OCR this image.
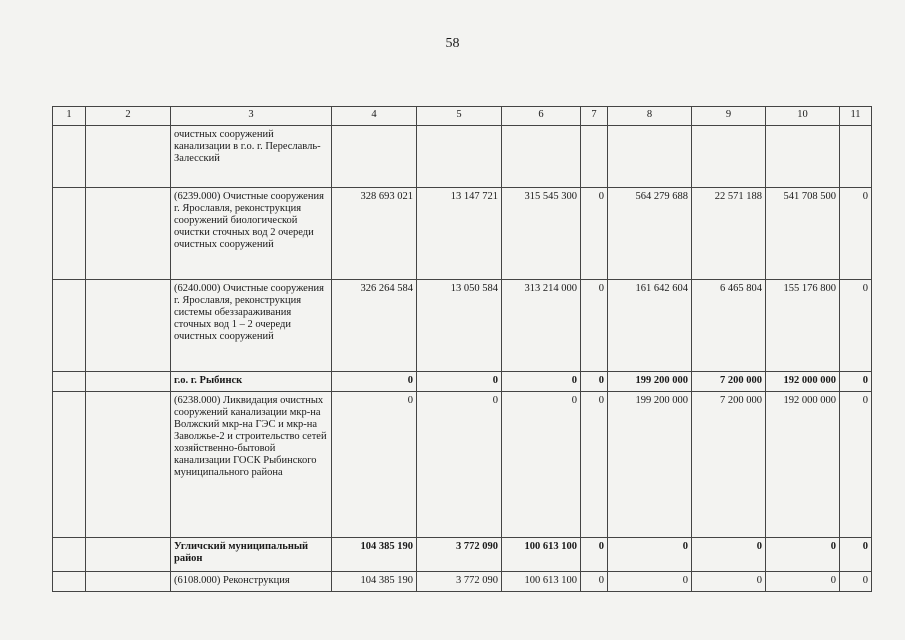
58
1	2	3	4	5	6	7	8	9	10	11
		очистных сооружений канализации в г.о. г. Переславль-Залесский								
		(6239.000) Очистные сооружения г. Ярославля, реконструкция сооружений биологической очистки сточных вод 2 очереди очистных сооружений	328 693 021	13 147 721	315 545 300	0	564 279 688	22 571 188	541 708 500	0
		(6240.000) Очистные сооружения г. Ярославля, реконструкция системы обеззараживания сточных вод 1 – 2 очереди очистных сооружений	326 264 584	13 050 584	313 214 000	0	161 642 604	6 465 804	155 176 800	0
		г.о. г. Рыбинск	0	0	0	0	199 200 000	7 200 000	192 000 000	0
		(6238.000) Ликвидация очистных сооружений канализации мкр-на Волжский мкр-на ГЭС и мкр-на Заволжье-2 и строительство сетей хозяйственно-бытовой канализации ГОСК Рыбинского муниципального района	0	0	0	0	199 200 000	7 200 000	192 000 000	0
		Угличский муниципальный район	104 385 190	3 772 090	100 613 100	0	0	0	0	0
		(6108.000) Реконструкция	104 385 190	3 772 090	100 613 100	0	0	0	0	0
